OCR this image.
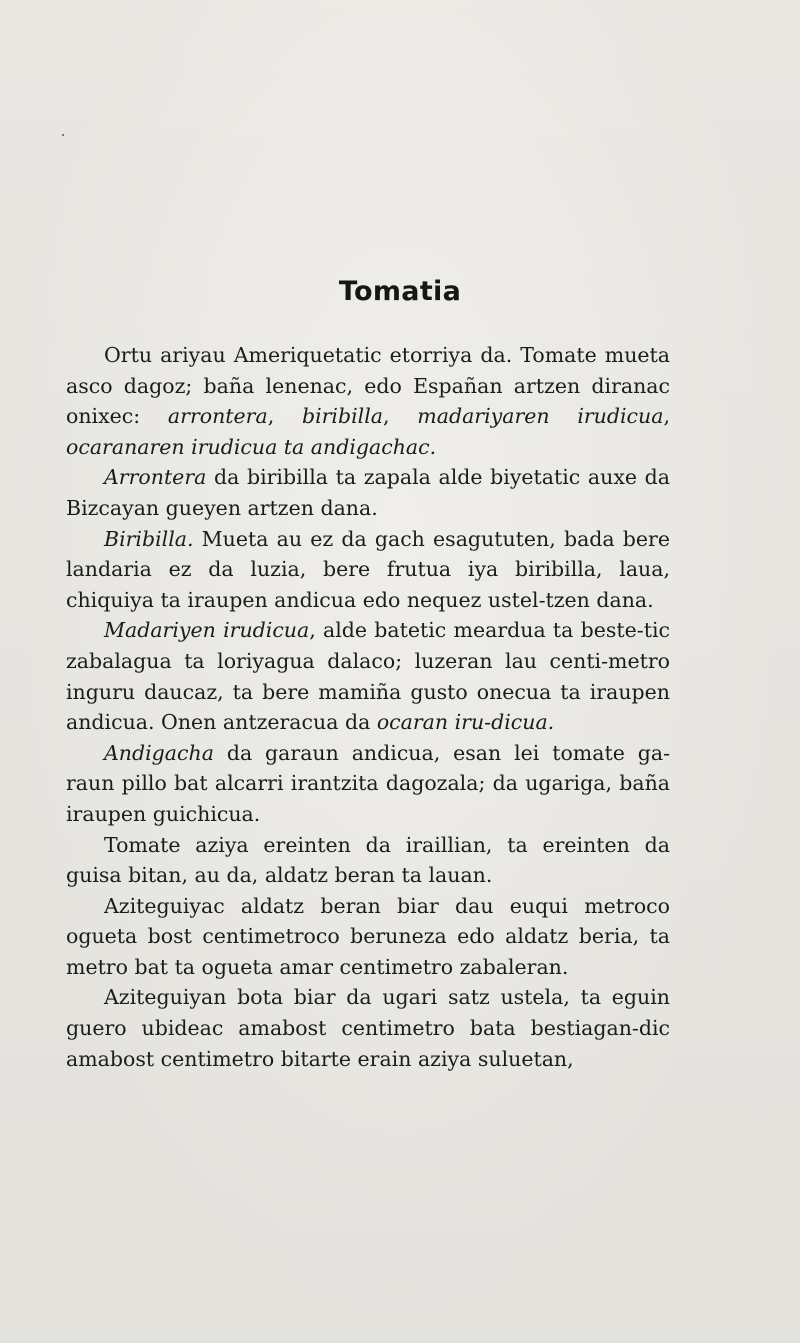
Tomatia

Ortu ariyau Ameriquetatic etorriya da. Tomate mueta asco dagoz; baña lenenac, edo Españan artzen diranac onixec: arrontera, biribilla, madariyaren irudicua, ocaranaren irudicua ta andigachac.

Arrontera da biribilla ta zapala alde biyetatic auxe da Bizcayan gueyen artzen dana.

Biribilla. Mueta au ez da gach esagututen, bada bere landaria ez da luzia, bere frutua iya biribilla, laua, chiquiya ta iraupen andicua edo nequez ustel-tzen dana.

Madariyen irudicua, alde batetic meardua ta beste-tic zabalagua ta loriyagua dalaco; luzeran lau centi-metro inguru daucaz, ta bere mamiña gusto onecua ta iraupen andicua. Onen antzeracua da ocaran iru-dicua.

Andigacha da garaun andicua, esan lei tomate ga-raun pillo bat alcarri irantzita dagozala; da ugariga, baña iraupen guichicua.

Tomate aziya ereinten da iraillian, ta ereinten da guisa bitan, au da, aldatz beran ta lauan.

Aziteguiyac aldatz beran biar dau euqui metroco ogueta bost centimetroco beruneza edo aldatz beria, ta metro bat ta ogueta amar centimetro zabaleran.

Aziteguiyan bota biar da ugari satz ustela, ta eguin guero ubideac amabost centimetro bata bestiagan-dic amabost centimetro bitarte erain aziya suluetan,
